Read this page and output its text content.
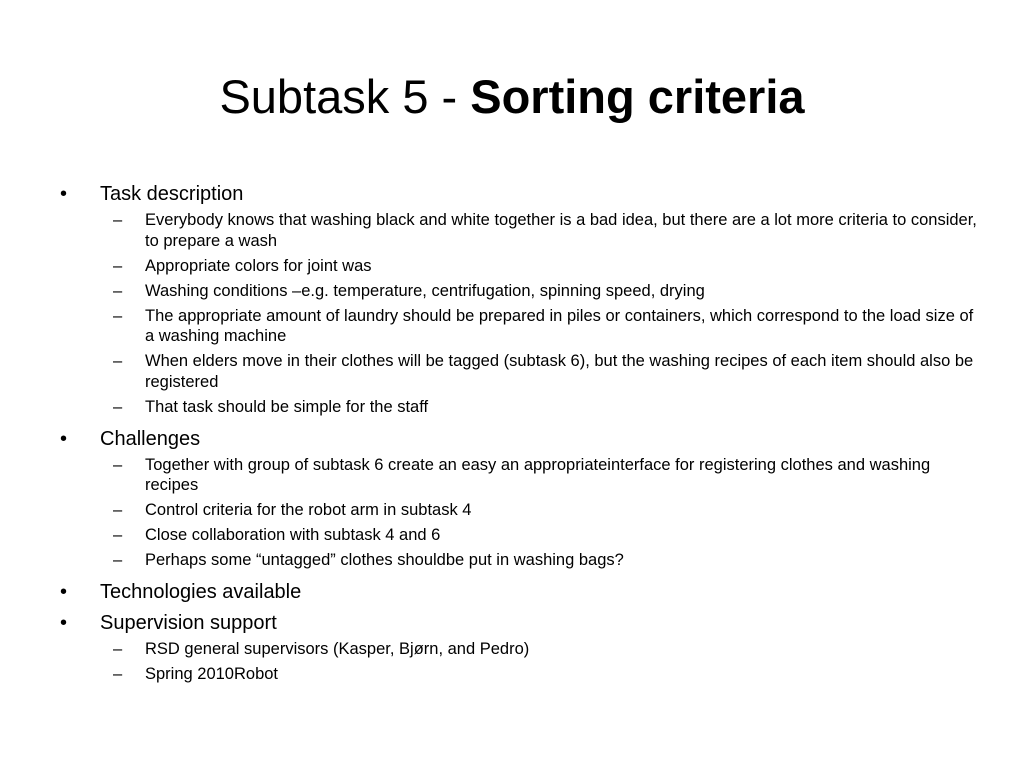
Subtask 5 - Sorting criteria
• Task description
– Everybody knows that washing black and white together is a bad idea, but there are a lot more criteria to consider, to prepare a wash
– Appropriate colors for joint was
– Washing conditions –e.g. temperature, centrifugation, spinning speed, drying
– The appropriate amount of laundry should be prepared in piles or containers, which correspond to the load size of a washing machine
– When elders move in their clothes will be tagged (subtask 6), but the washing recipes of each item should also be registered
– That task should be simple for the staff
• Challenges
– Together with group of subtask 6 create an easy an appropriateinterface for registering clothes and washing recipes
– Control criteria for the robot arm in subtask 4
– Close collaboration with subtask 4 and 6
– Perhaps some “untagged” clothes shouldbe put in washing bags?
• Technologies available
• Supervision support
– RSD general supervisors (Kasper, Bjørn, and Pedro)
– Spring 2010Robot
